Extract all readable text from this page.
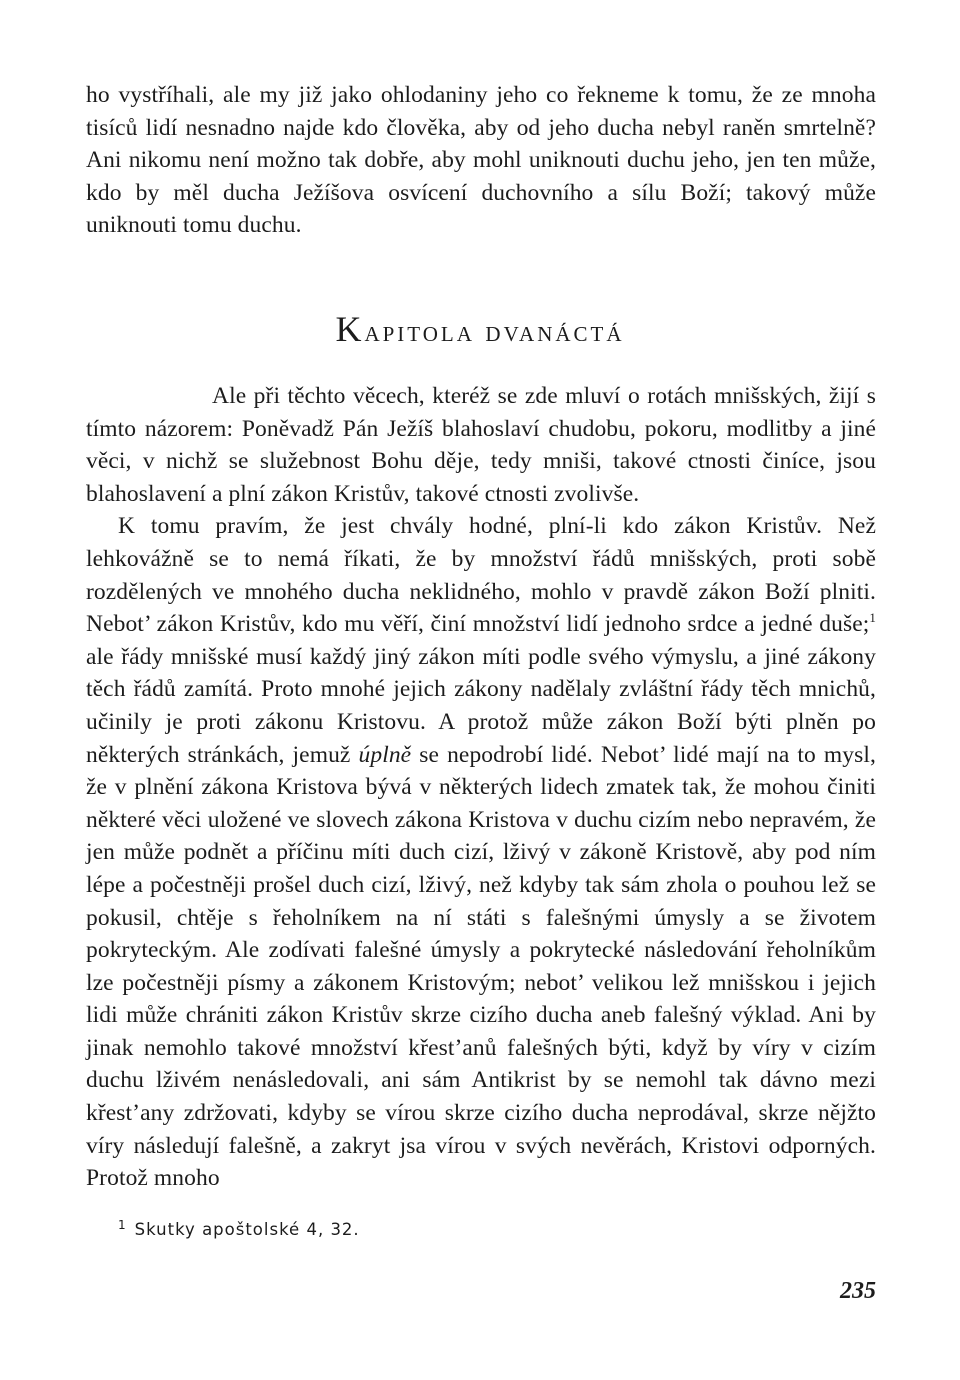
ho vystříhali, ale my již jako ohlodaniny jeho co řekneme k tomu, že ze mnoha tisíců lidí nesnadno najde kdo člověka, aby od jeho ducha nebyl raněn smrtelně? Ani nikomu není možno tak dobře, aby mohl uniknouti duchu jeho, jen ten může, kdo by měl ducha Ježíšova osvícení duchovního a sílu Boží; takový může uniknouti tomu duchu.

Kapitola dvanáctá

Ale při těchto věcech, kteréž se zde mluví o rotách mnišských, žijí s tímto názorem: Poněvadž Pán Ježíš blahoslaví chudobu, pokoru, modlitby a jiné věci, v nichž se služebnost Bohu děje, tedy mniši, takové ctnosti činíce, jsou blahoslavení a plní zákon Kristův, takové ctnosti zvolivše.

K tomu pravím, že jest chvály hodné, plní-li kdo zákon Kristův. Než lehkovážně se to nemá říkati, že by množství řádů mnišských, proti sobě rozdělených ve mnohého ducha neklidného, mohlo v pravdě zákon Boží plniti. Nebot’ zákon Kristův, kdo mu věří, činí množství lidí jednoho srdce a jedné duše;$^1$ ale řády mnišské musí každý jiný zákon míti podle svého výmyslu, a jiné zákony těch řádů zamítá. Proto mnohé jejich zákony nadělaly zvláštní řády těch mnichů, učinily je proti zákonu Kristovu. A protož může zákon Boží býti plněn po některých stránkách, jemuž úplně se nepodrobí lidé. Nebot’ lidé mají na to mysl, že v plnění zákona Kristova bývá v některých lidech zmatek tak, že mohou činiti některé věci uložené ve slovech zákona Kristova v duchu cizím nebo nepravém, že jen může podnět a příčinu míti duch cizí, lživý v zákoně Kristově, aby pod ním lépe a počestněji prošel duch cizí, lživý, než kdyby tak sám zhola o pouhou lež se pokusil, chtěje s řeholníkem na ní státi s falešnými úmysly a se životem pokryteckým. Ale zodívati falešné úmysly a pokrytecké následování řeholníkům lze počestněji písmy a zákonem Kristovým; nebot’ velikou lež mnišskou i jejich lidi může chrániti zákon Kristův skrze cizího ducha aneb falešný výklad. Ani by jinak nemohlo takové množství křest’anů falešných býti, když by víry v cizím duchu lživém nenásledovali, ani sám Antikrist by se nemohl tak dávno mezi křest’any zdržovati, kdyby se vírou skrze cizího ducha neprodával, skrze nějžto víry následují falešně, a zakryt jsa vírou v svých nevěrách, Kristovi odporných. Protož mnoho

$^1$ Skutky apoštolské 4, 32.

235
